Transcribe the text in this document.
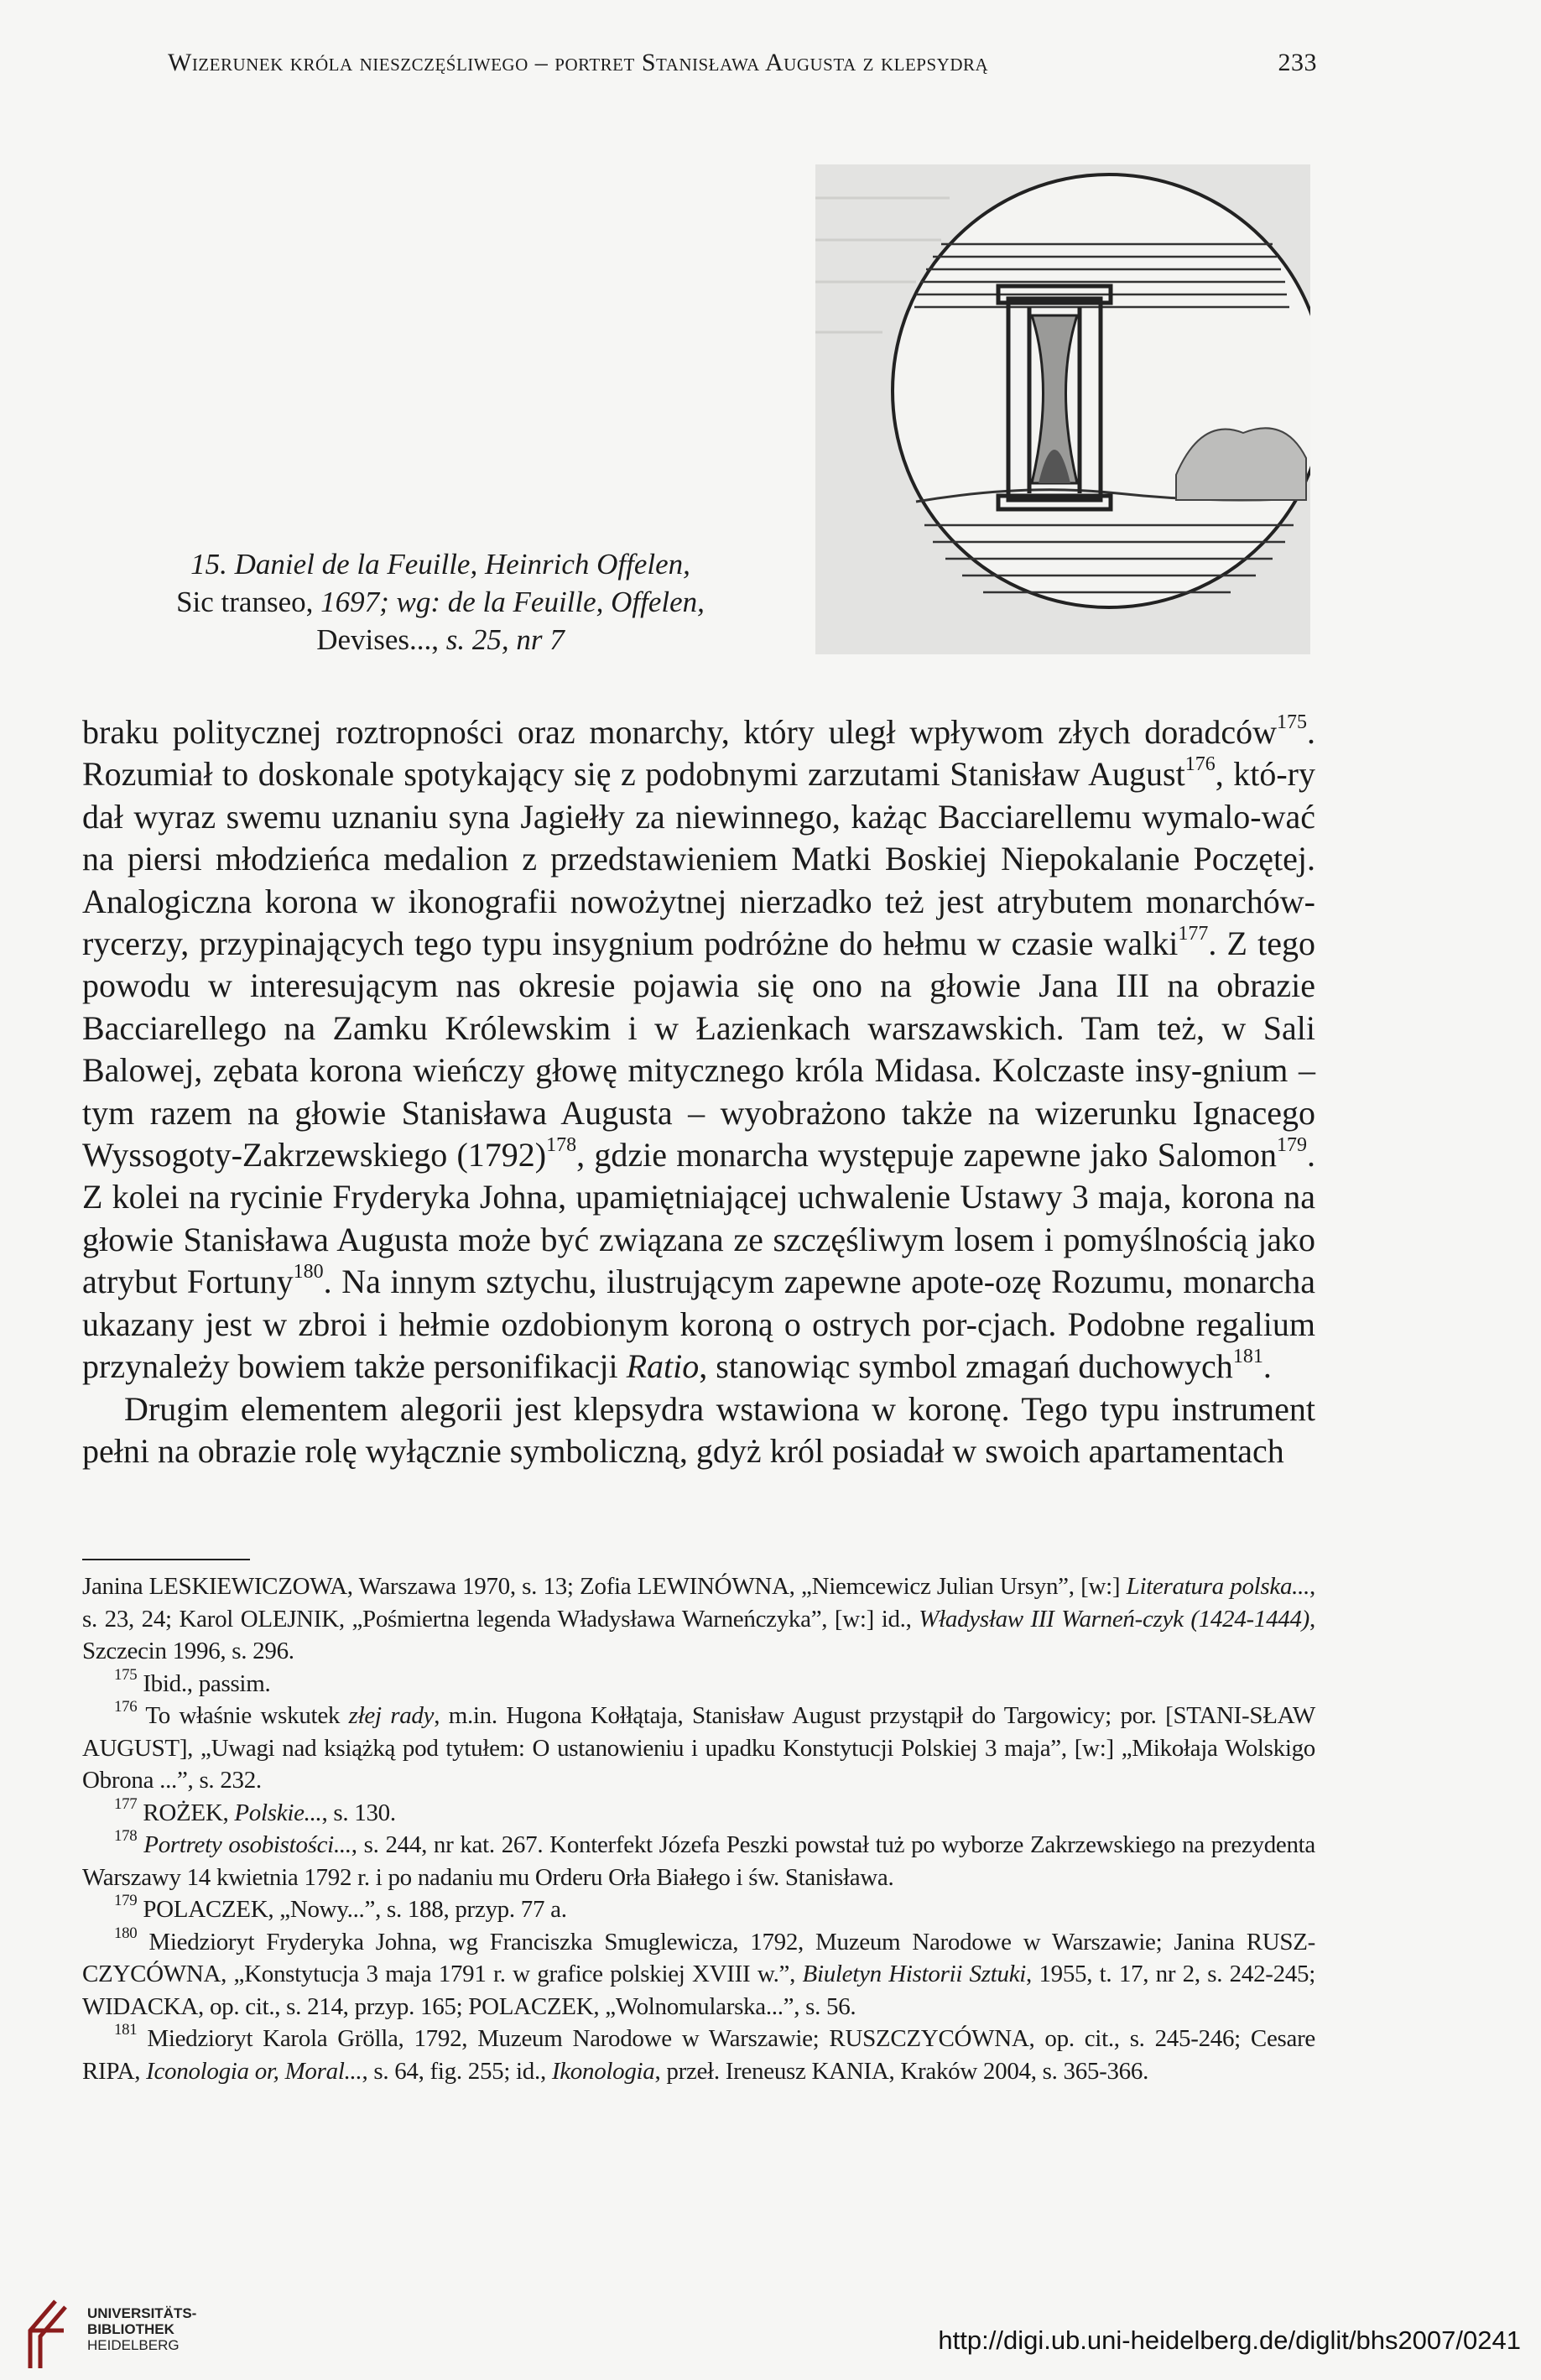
Wizerunek króla nieszczęśliwego – portret Stanisława Augusta z klepsydrą	233
15. Daniel de la Feuille, Heinrich Offelen,
Sic transeo, 1697; wg: de la Feuille, Offelen,
Devises..., s. 25, nr 7

braku politycznej roztropności oraz monarchy, który uległ wpływom złych doradców$^{175}$. Rozumiał to doskonale spotykający się z podobnymi zarzutami Stanisław August$^{176}$, któ-ry dał wyraz swemu uznaniu syna Jagiełły za niewinnego, każąc Bacciarellemu wymalo-wać na piersi młodzieńca medalion z przedstawieniem Matki Boskiej Niepokalanie Poczętej. Analogiczna korona w ikonografii nowożytnej nierzadko też jest atrybutem monarchów-rycerzy, przypinających tego typu insygnium podróżne do hełmu w czasie walki$^{177}$. Z tego powodu w interesującym nas okresie pojawia się ono na głowie Jana III na obrazie Bacciarellego na Zamku Królewskim i w Łazienkach warszawskich. Tam też, w Sali Balowej, zębata korona wieńczy głowę mitycznego króla Midasa. Kolczaste insy-gnium – tym razem na głowie Stanisława Augusta – wyobrażono także na wizerunku Ignacego Wyssogoty-Zakrzewskiego $(1792)^{178}$, gdzie monarcha występuje zapewne jako Salomon$^{179}$. Z kolei na rycinie Fryderyka Johna, upamiętniającej uchwalenie Ustawy 3 maja, korona na głowie Stanisława Augusta może być związana ze szczęśliwym losem i pomyślnością jako atrybut Fortuny$^{180}$. Na innym sztychu, ilustrującym zapewne apote-ozę Rozumu, monarcha ukazany jest w zbroi i hełmie ozdobionym koroną o ostrych por-cjach. Podobne regalium przynależy bowiem także personifikacji Ratio, stanowiąc symbol zmagań duchowych$^{181}$.

Drugim elementem alegorii jest klepsydra wstawiona w koronę. Tego typu instrument pełni na obrazie rolę wyłącznie symboliczną, gdyż król posiadał w swoich apartamentach

Janina LESKIEWICZOWA, Warszawa 1970, s. 13; Zofia LEWINÓWNA, „Niemcewicz Julian Ursyn”, [w:] Literatura polska..., s. 23, 24; Karol OLEJNIK, „Pośmiertna legenda Władysława Warneńczyka”, [w:] id., Władysław III Warneń-czyk (1424-1444), Szczecin 1996, s. 296.

$^{175}$ Ibid., passim.

$^{176}$ To właśnie wskutek złej rady, m.in. Hugona Kołłątaja, Stanisław August przystąpił do Targowicy; por. [STANI-SŁAW AUGUST], „Uwagi nad książką pod tytułem: O ustanowieniu i upadku Konstytucji Polskiej 3 maja”, [w:] „Mikołaja Wolskigo Obrona ...”, s. 232.

$^{177}$ ROŻEK, Polskie..., s. 130.

$^{178}$ Portrety osobistości..., s. 244, nr kat. 267. Konterfekt Józefa Peszki powstał tuż po wyborze Zakrzewskiego na prezydenta Warszawy 14 kwietnia 1792 r. i po nadaniu mu Orderu Orła Białego i św. Stanisława.

$^{179}$ POLACZEK, „Nowy...”, s. 188, przyp. 77 a.

$^{180}$ Miedzioryt Fryderyka Johna, wg Franciszka Smuglewicza, 1792, Muzeum Narodowe w Warszawie; Janina RUSZ-CZYCÓWNA, „Konstytucja 3 maja 1791 r. w grafice polskiej XVIII w.”, Biuletyn Historii Sztuki, 1955, t. 17, nr 2, s. 242-245; WIDACKA, op. cit., s. 214, przyp. 165; POLACZEK, „Wolnomularska...”, s. 56.

$^{181}$ Miedzioryt Karola Grölla, 1792, Muzeum Narodowe w Warszawie; RUSZCZYCÓWNA, op. cit., s. 245-246; Cesare RIPA, Iconologia or, Moral..., s. 64, fig. 255; id., Ikonologia, przeł. Ireneusz KANIA, Kraków 2004, s. 365-366.

UNIVERSITÄTS-
BIBLIOTHEK
HEIDELBERG	http://digi.ub.uni-heidelberg.de/diglit/bhs2007/0241
